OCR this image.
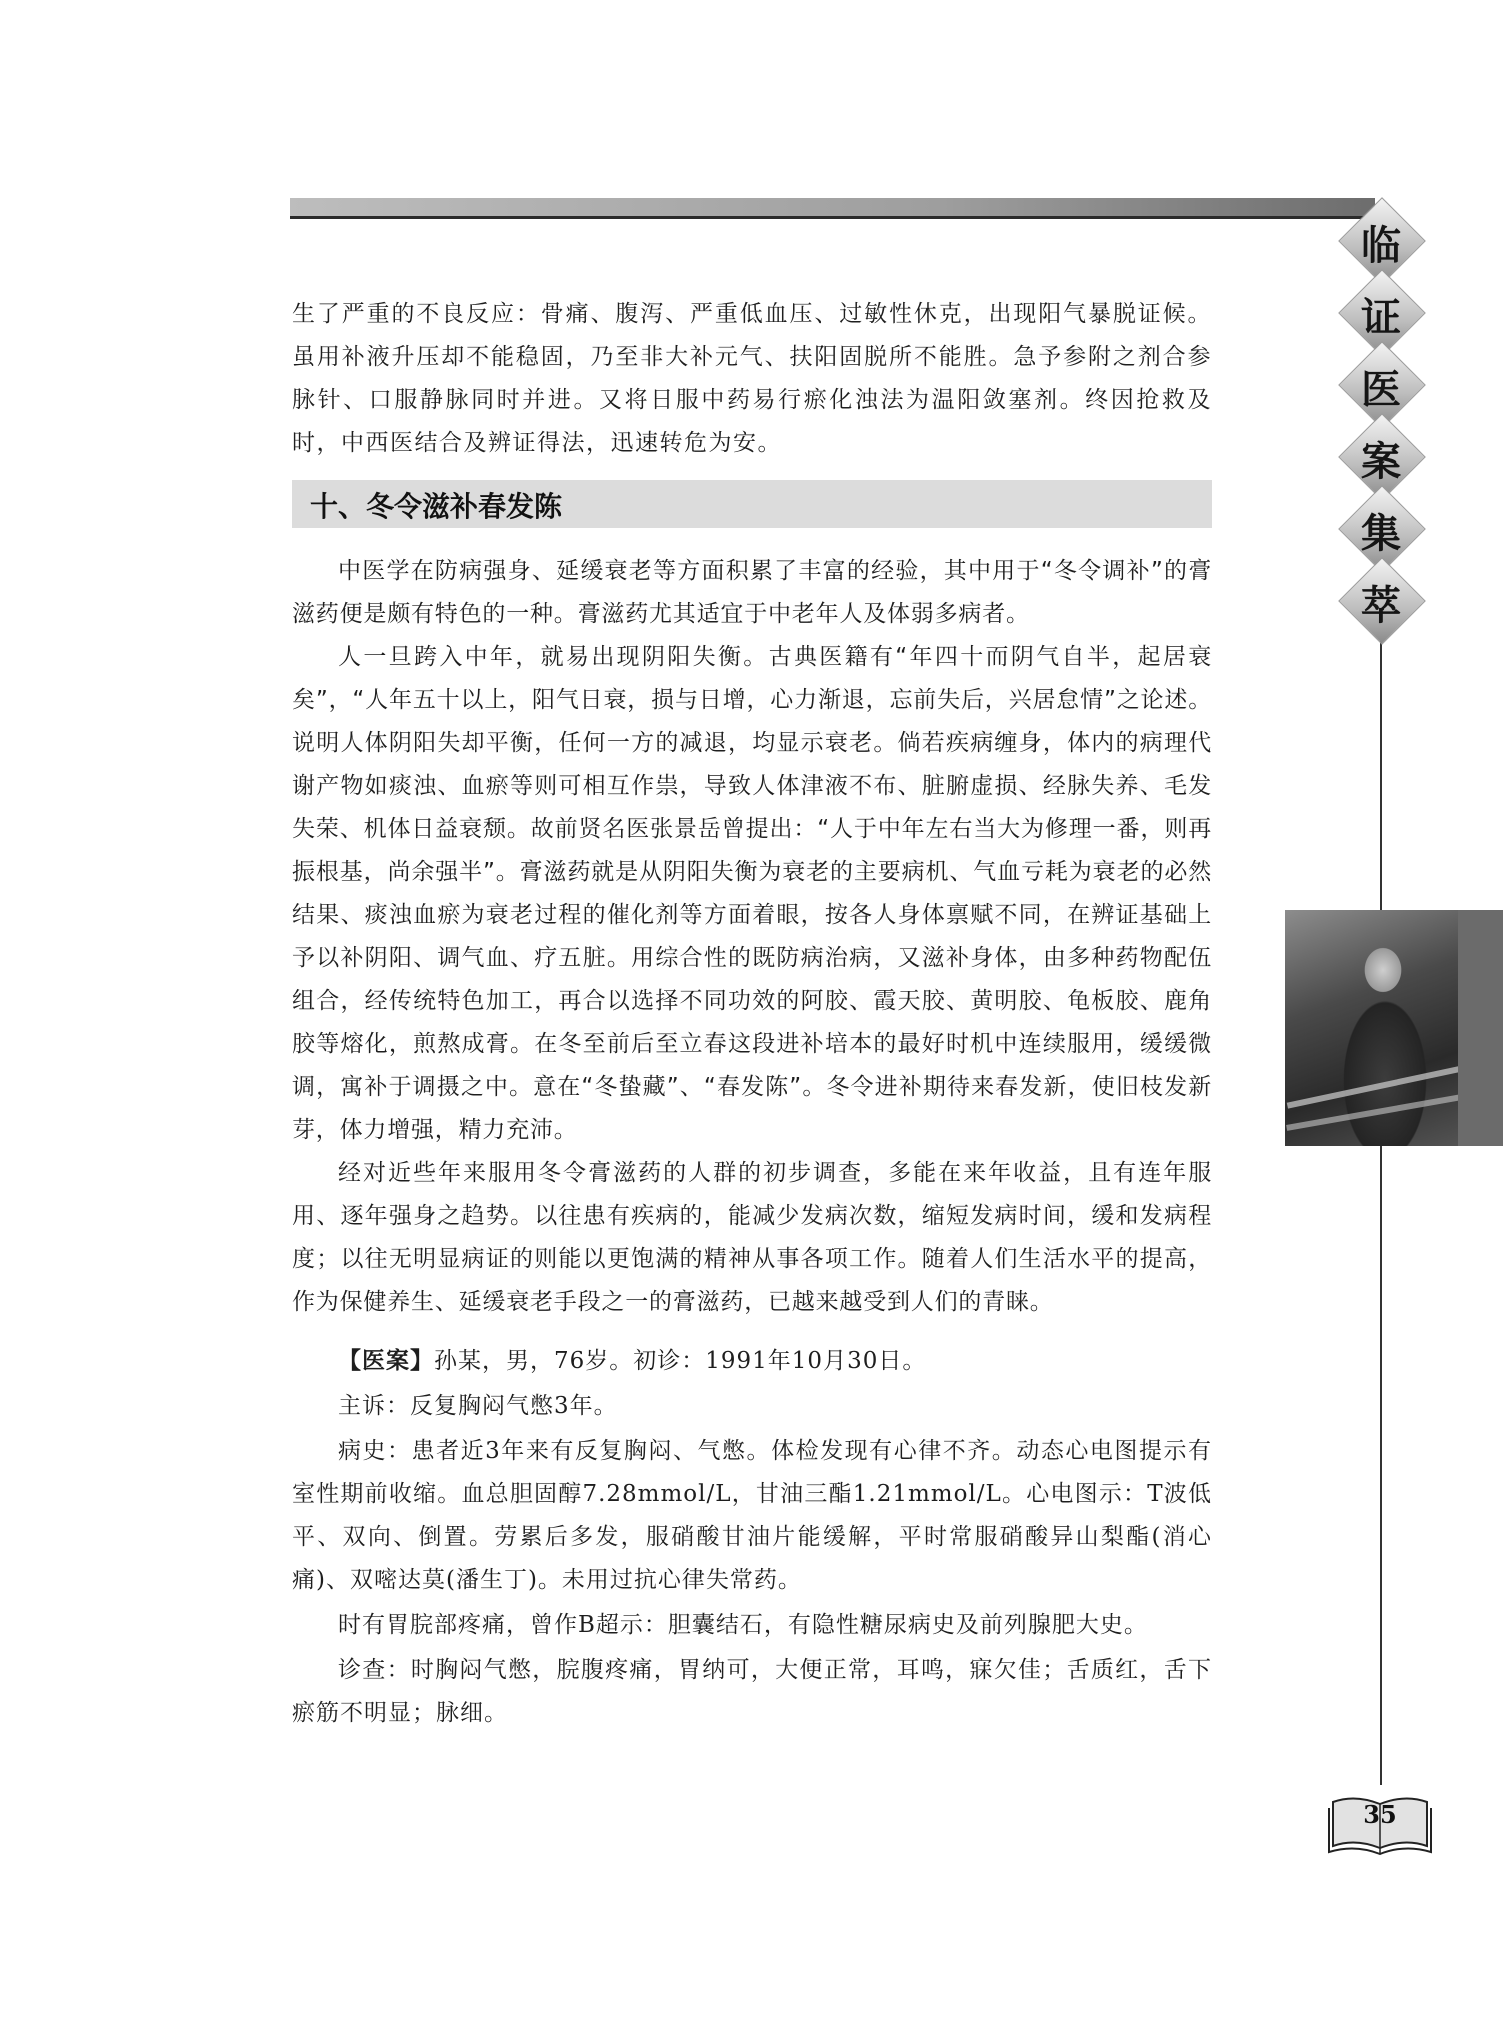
临
证
医
案
集
萃

生了严重的不良反应：骨痛、腹泻、严重低血压、过敏性休克，出现阳气暴脱证候。虽用补液升压却不能稳固，乃至非大补元气、扶阳固脱所不能胜。急予参附之剂合参脉针、口服静脉同时并进。又将日服中药易行瘀化浊法为温阳敛塞剂。终因抢救及时，中西医结合及辨证得法，迅速转危为安。

十、冬令滋补春发陈

中医学在防病强身、延缓衰老等方面积累了丰富的经验，其中用于“冬令调补”的膏滋药便是颇有特色的一种。膏滋药尤其适宜于中老年人及体弱多病者。

人一旦跨入中年，就易出现阴阳失衡。古典医籍有“年四十而阴气自半，起居衰矣”，“人年五十以上，阳气日衰，损与日增，心力渐退，忘前失后，兴居怠情”之论述。说明人体阴阳失却平衡，任何一方的减退，均显示衰老。倘若疾病缠身，体内的病理代谢产物如痰浊、血瘀等则可相互作祟，导致人体津液不布、脏腑虚损、经脉失养、毛发失荣、机体日益衰颓。故前贤名医张景岳曾提出：“人于中年左右当大为修理一番，则再振根基，尚余强半”。膏滋药就是从阴阳失衡为衰老的主要病机、气血亏耗为衰老的必然结果、痰浊血瘀为衰老过程的催化剂等方面着眼，按各人身体禀赋不同，在辨证基础上予以补阴阳、调气血、疗五脏。用综合性的既防病治病，又滋补身体，由多种药物配伍组合，经传统特色加工，再合以选择不同功效的阿胶、霞天胶、黄明胶、龟板胶、鹿角胶等熔化，煎熬成膏。在冬至前后至立春这段进补培本的最好时机中连续服用，缓缓微调，寓补于调摄之中。意在“冬蛰藏”、“春发陈”。冬令进补期待来春发新，使旧枝发新芽，体力增强，精力充沛。

经对近些年来服用冬令膏滋药的人群的初步调查，多能在来年收益，且有连年服用、逐年强身之趋势。以往患有疾病的，能减少发病次数，缩短发病时间，缓和发病程度；以往无明显病证的则能以更饱满的精神从事各项工作。随着人们生活水平的提高，作为保健养生、延缓衰老手段之一的膏滋药，已越来越受到人们的青睐。

【医案】孙某，男，76岁。初诊：1991年10月30日。

主诉：反复胸闷气憋3年。

病史：患者近3年来有反复胸闷、气憋。体检发现有心律不齐。动态心电图提示有室性期前收缩。血总胆固醇7.28mmol/L，甘油三酯1.21mmol/L。心电图示：T波低平、双向、倒置。劳累后多发，服硝酸甘油片能缓解，平时常服硝酸异山梨酯(消心痛)、双嘧达莫(潘生丁)。未用过抗心律失常药。

时有胃脘部疼痛，曾作B超示：胆囊结石，有隐性糖尿病史及前列腺肥大史。

诊查：时胸闷气憋，脘腹疼痛，胃纳可，大便正常，耳鸣，寐欠佳；舌质红，舌下瘀筋不明显；脉细。

35
